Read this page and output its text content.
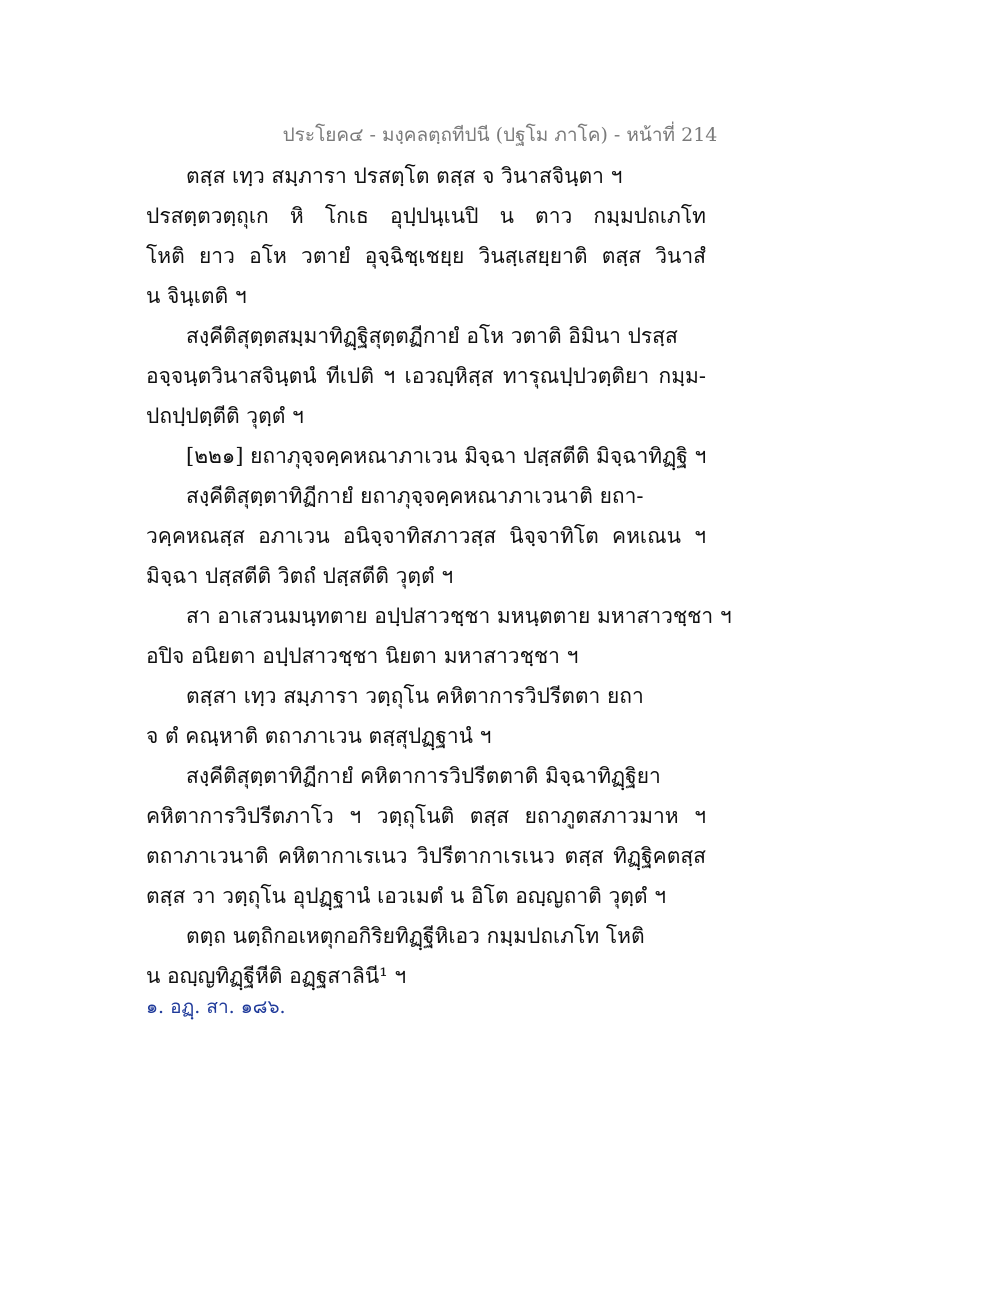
ประโยค๔ - มงฺคลตฺถทีปนี (ปฐโม ภาโค) - หน้าที่ 214
ตสฺส เทฺว สมฺภารา ปรสตฺโต ตสฺส จ วินาสจินฺตา ฯ
ปรสตฺตวตฺถุเก หิ โกเธ อุปฺปนฺเนปิ น ตาว กมฺมปถเภโท
โหติ ยาว อโห วตายํ อุจฺฉิชฺเชยฺย วินสฺเสยฺยาติ ตสฺส วินาสํ
น จินฺเตติ ฯ
สงฺคีติสุตฺตสมฺมาทิฏฺฐิสุตฺตฏีกายํ อโห วตาติ อิมินา ปรสฺส
อจฺจนฺตวินาสจินฺตนํ ทีเปติ ฯ เอวญฺหิสฺส ทารุณปฺปวตฺติยา กมฺม-
ปถปฺปตฺตีติ วุตฺตํ ฯ
[๒๒๑] ยถาภุจฺจคฺคหณาภาเวน มิจฺฉา ปสฺสตีติ มิจฺฉาทิฏฺฐิ ฯ
สงฺคีติสุตฺตาทิฏีกายํ ยถาภุจฺจคฺคหณาภาเวนาติ ยถา-
วคฺคหณสฺส อภาเวน อนิจฺจาทิสภาวสฺส นิจฺจาทิโต คหเณน ฯ
มิจฺฉา ปสฺสตีติ วิตถํ ปสฺสตีติ วุตฺตํ ฯ
สา อาเสวนมนฺทตาย อปฺปสาวชฺชา มหนฺตตาย มหาสาวชฺชา ฯ
อปิจ อนิยตา อปฺปสาวชฺชา นิยตา มหาสาวชฺชา ฯ
ตสฺสา เทฺว สมฺภารา วตฺถุโน คหิตาการวิปรีตตา ยถา
จ ตํ คณฺหาติ ตถาภาเวน ตสฺสุปฏฺฐานํ ฯ
สงฺคีติสุตฺตาทิฏีกายํ คหิตาการวิปรีตตาติ มิจฺฉาทิฏฺฐิยา
คหิตาการวิปรีตภาโว ฯ วตฺถุโนติ ตสฺส ยถาภูตสภาวมาห ฯ
ตถาภาเวนาติ คหิตากาเรเนว วิปรีตากาเรเนว ตสฺส ทิฏฺฐิคตสฺส
ตสฺส วา วตฺถุโน อุปฏฺฐานํ เอวเมตํ น อิโต อญฺญถาติ วุตฺตํ ฯ
ตตฺถ นตฺถิกอเหตุกอกิริยทิฏฺฐีหิเอว กมฺมปถเภโท โหติ
น อญฺญทิฏฺฐีหีติ อฏฺฐสาลินี¹ ฯ
๑. อฏฺ. สา. ๑๘๖.
